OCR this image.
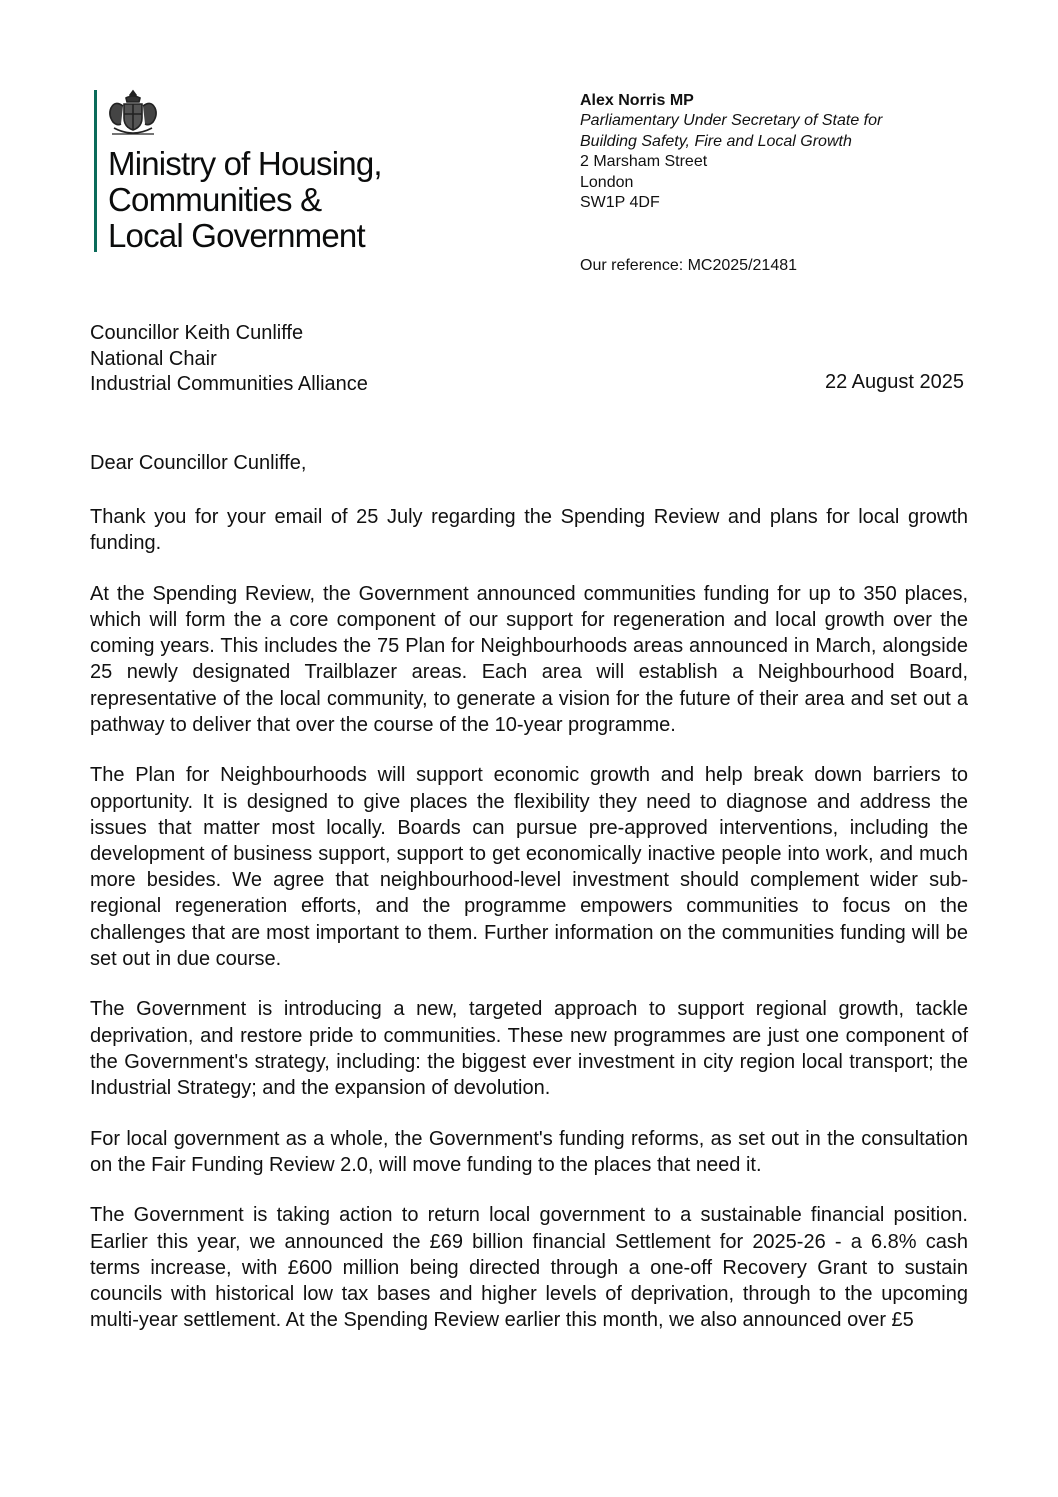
Ministry of Housing,
Communities &
Local Government
Alex Norris MP
Parliamentary Under Secretary of State for
Building Safety, Fire and Local Growth
2 Marsham Street
London
SW1P 4DF
Our reference: MC2025/21481
Councillor Keith Cunliffe
National Chair
Industrial Communities Alliance	22 August 2025
Dear Councillor Cunliffe,

Thank you for your email of 25 July regarding the Spending Review and plans for local growth funding.

At the Spending Review, the Government announced communities funding for up to 350 places, which will form the a core component of our support for regeneration and local growth over the coming years. This includes the 75 Plan for Neighbourhoods areas announced in March, alongside 25 newly designated Trailblazer areas. Each area will establish a Neighbourhood Board, representative of the local community, to generate a vision for the future of their area and set out a pathway to deliver that over the course of the 10-year programme.

The Plan for Neighbourhoods will support economic growth and help break down barriers to opportunity. It is designed to give places the flexibility they need to diagnose and address the issues that matter most locally. Boards can pursue pre-approved interventions, including the development of business support, support to get economically inactive people into work, and much more besides. We agree that neighbourhood-level investment should complement wider sub-regional regeneration efforts, and the programme empowers communities to focus on the challenges that are most important to them. Further information on the communities funding will be set out in due course.

The Government is introducing a new, targeted approach to support regional growth, tackle deprivation, and restore pride to communities. These new programmes are just one component of the Government's strategy, including: the biggest ever investment in city region local transport; the Industrial Strategy; and the expansion of devolution.

For local government as a whole, the Government's funding reforms, as set out in the consultation on the Fair Funding Review 2.0, will move funding to the places that need it.

The Government is taking action to return local government to a sustainable financial position. Earlier this year, we announced the £69 billion financial Settlement for 2025-26 - a 6.8% cash terms increase, with £600 million being directed through a one-off Recovery Grant to sustain councils with historical low tax bases and higher levels of deprivation, through to the upcoming multi-year settlement. At the Spending Review earlier this month, we also announced over £5
